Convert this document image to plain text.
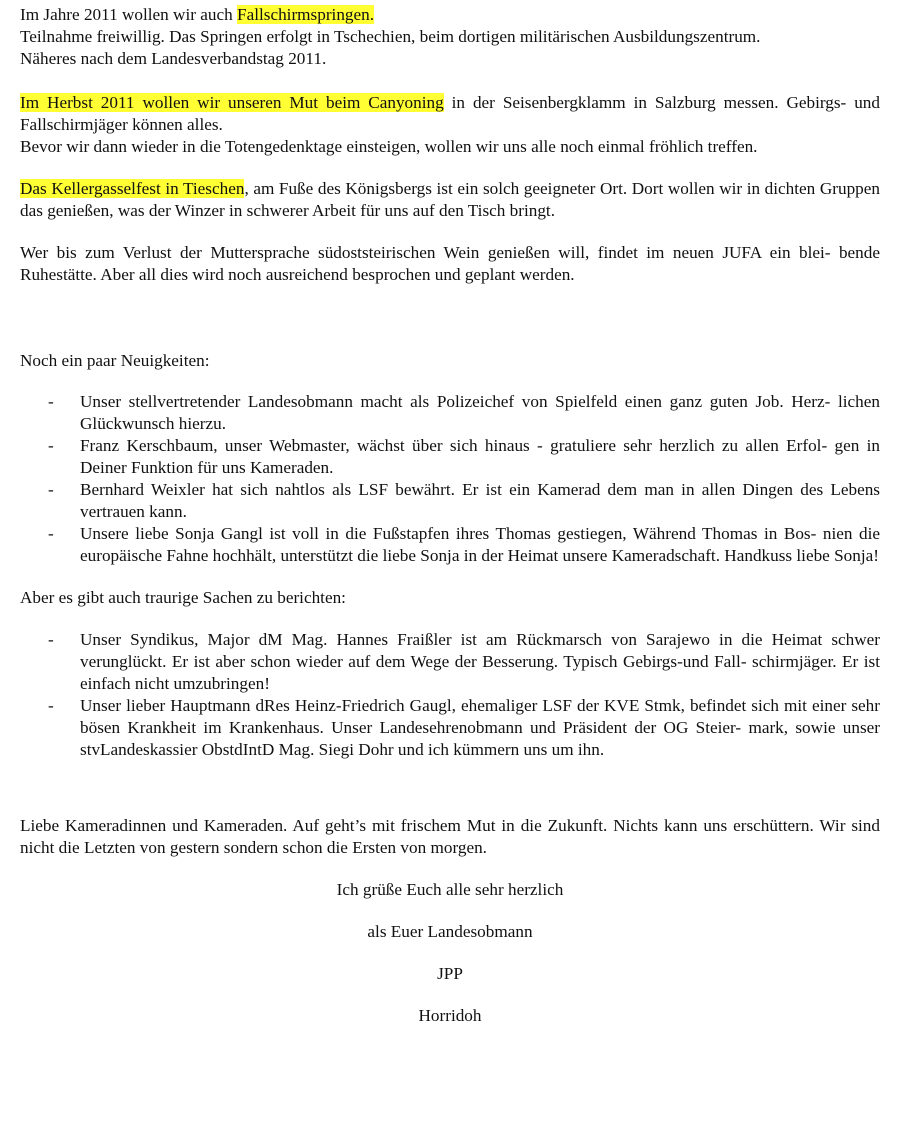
Im Jahre 2011 wollen wir auch Fallschirmspringen.
Teilnahme freiwillig. Das Springen erfolgt in Tschechien, beim dortigen militärischen Ausbildungszentrum.
Näheres nach dem Landesverbandstag 2011.

Im Herbst 2011 wollen wir unseren Mut beim Canyoning in der Seisenbergklamm in Salzburg messen. Gebirgs- und Fallschirmjäger können alles.
Bevor wir dann wieder in die Totengedenktage einsteigen, wollen wir uns alle noch einmal fröhlich treffen.

Das Kellergasselfest in Tieschen, am Fuße des Königsbergs ist ein solch geeigneter Ort. Dort wollen wir in dichten Gruppen das genießen, was der Winzer in schwerer Arbeit für uns auf den Tisch bringt.

Wer bis zum Verlust der Muttersprache südoststeirischen Wein genießen will, findet im neuen JUFA ein blei- bende Ruhestätte. Aber all dies wird noch ausreichend besprochen und geplant werden.

Noch ein paar Neuigkeiten:

- Unser stellvertretender Landesobmann macht als Polizeichef von Spielfeld einen ganz guten Job. Herz- lichen Glückwunsch hierzu.
- Franz Kerschbaum, unser Webmaster, wächst über sich hinaus - gratuliere sehr herzlich zu allen Erfol- gen in Deiner Funktion für uns Kameraden.
- Bernhard Weixler hat sich nahtlos als LSF bewährt. Er ist ein Kamerad dem man in allen Dingen des Lebens vertrauen kann.
- Unsere liebe Sonja Gangl ist voll in die Fußstapfen ihres Thomas gestiegen, Während Thomas in Bos- nien die europäische Fahne hochhält, unterstützt die liebe Sonja in der Heimat unsere Kameradschaft. Handkuss liebe Sonja!

Aber es gibt auch traurige Sachen zu berichten:

- Unser Syndikus, Major dM Mag. Hannes Fraißler ist am Rückmarsch von Sarajewo in die Heimat schwer verunglückt. Er ist aber schon wieder auf dem Wege der Besserung. Typisch Gebirgs-und Fall- schirmjäger. Er ist einfach nicht umzubringen!
- Unser lieber Hauptmann dRes Heinz-Friedrich Gaugl, ehemaliger LSF der KVE Stmk, befindet sich mit einer sehr bösen Krankheit im Krankenhaus. Unser Landesehrenobmann und Präsident der OG Steier- mark, sowie unser stvLandeskassier ObstdIntD Mag. Siegi Dohr und ich kümmern uns um ihn.

Liebe Kameradinnen und Kameraden. Auf geht’s mit frischem Mut in die Zukunft. Nichts kann uns erschüttern. Wir sind nicht die Letzten von gestern sondern schon die Ersten von morgen.

Ich grüße Euch alle sehr herzlich

als Euer Landesobmann

JPP

Horridoh
